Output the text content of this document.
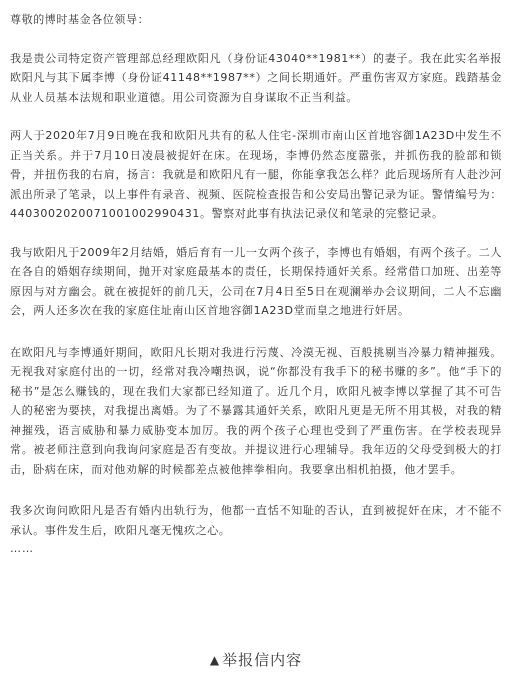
尊敬的博时基金各位领导：

我是贵公司特定资产管理部总经理欧阳凡（身份证43040**1981**）的妻子。我在此实名举报欧阳凡与其下属李博（身份证41148**1987**）之间长期通奸。严重伤害双方家庭。践踏基金从业人员基本法规和职业道德。用公司资源为自身谋取不正当利益。

两人于2020年7月9日晚在我和欧阳凡共有的私人住宅-深圳市南山区首地容御1A23D中发生不正当关系。并于7月10日凌晨被捉奸在床。在现场，李博仍然态度嚣张，并抓伤我的脸部和锁骨，并扭伤我的右肩，扬言：我就是和欧阳凡有一腿，你能拿我怎么样？此后现场所有人赴沙河派出所录了笔录，以上事件有录音、视频、医院检查报告和公安局出警记录为证。警情编号为：44030020200710010029904​31。警察对此事有执法记录仪和笔录的完整记录。

我与欧阳凡于2009年2月结婚，婚后育有一儿一女两个孩子，李博也有婚姻，有两个孩子。二人在各自的婚姻存续期间，抛开对家庭最基本的责任，长期保持通奸关系。经常借口加班、出差等原因与对方幽会。就在被捉奸的前几天，公司在7月4日至5日在观澜举办会议期间，二人不忘幽会，两人还多次在我的家庭住址南山区首地容御1A23D堂而皇之地进行奸居。

在欧阳凡与李博通奸期间，欧阳凡长期对我进行污蔑、冷漠无视、百般挑剔当冷暴力精神摧残。无视我对家庭付出的一切，经常对我冷嘲热讽，说“你都没有我手下的秘书赚的多”。他“手下的秘书”是怎么赚钱的，现在我们大家都已经知道了。近几个月，欧阳凡被李博以掌握了其不可告人的秘密为要挟，对我提出离婚。为了不暴露其通奸关系，欧阳凡更是无所不用其极，对我的精神摧残，语言威胁和暴力威胁变本加厉。我的两个孩子心理也受到了严重伤害。在学校表现异常。被老师注意到向我询问家庭是否有变故。并提议进行心理辅导。我年迈的父母受到极大的打击，卧病在床，而对他劝解的时候都差点被他摔拳相向。我要拿出相机拍摄，他才罢手。

我多次询问欧阳凡是否有婚内出轨行为，他都一直恬不知耻的否认，直到被捉奸在床，才不能不承认。事件发生后，欧阳凡毫无愧疚之心。

……

▲ 举报信内容
